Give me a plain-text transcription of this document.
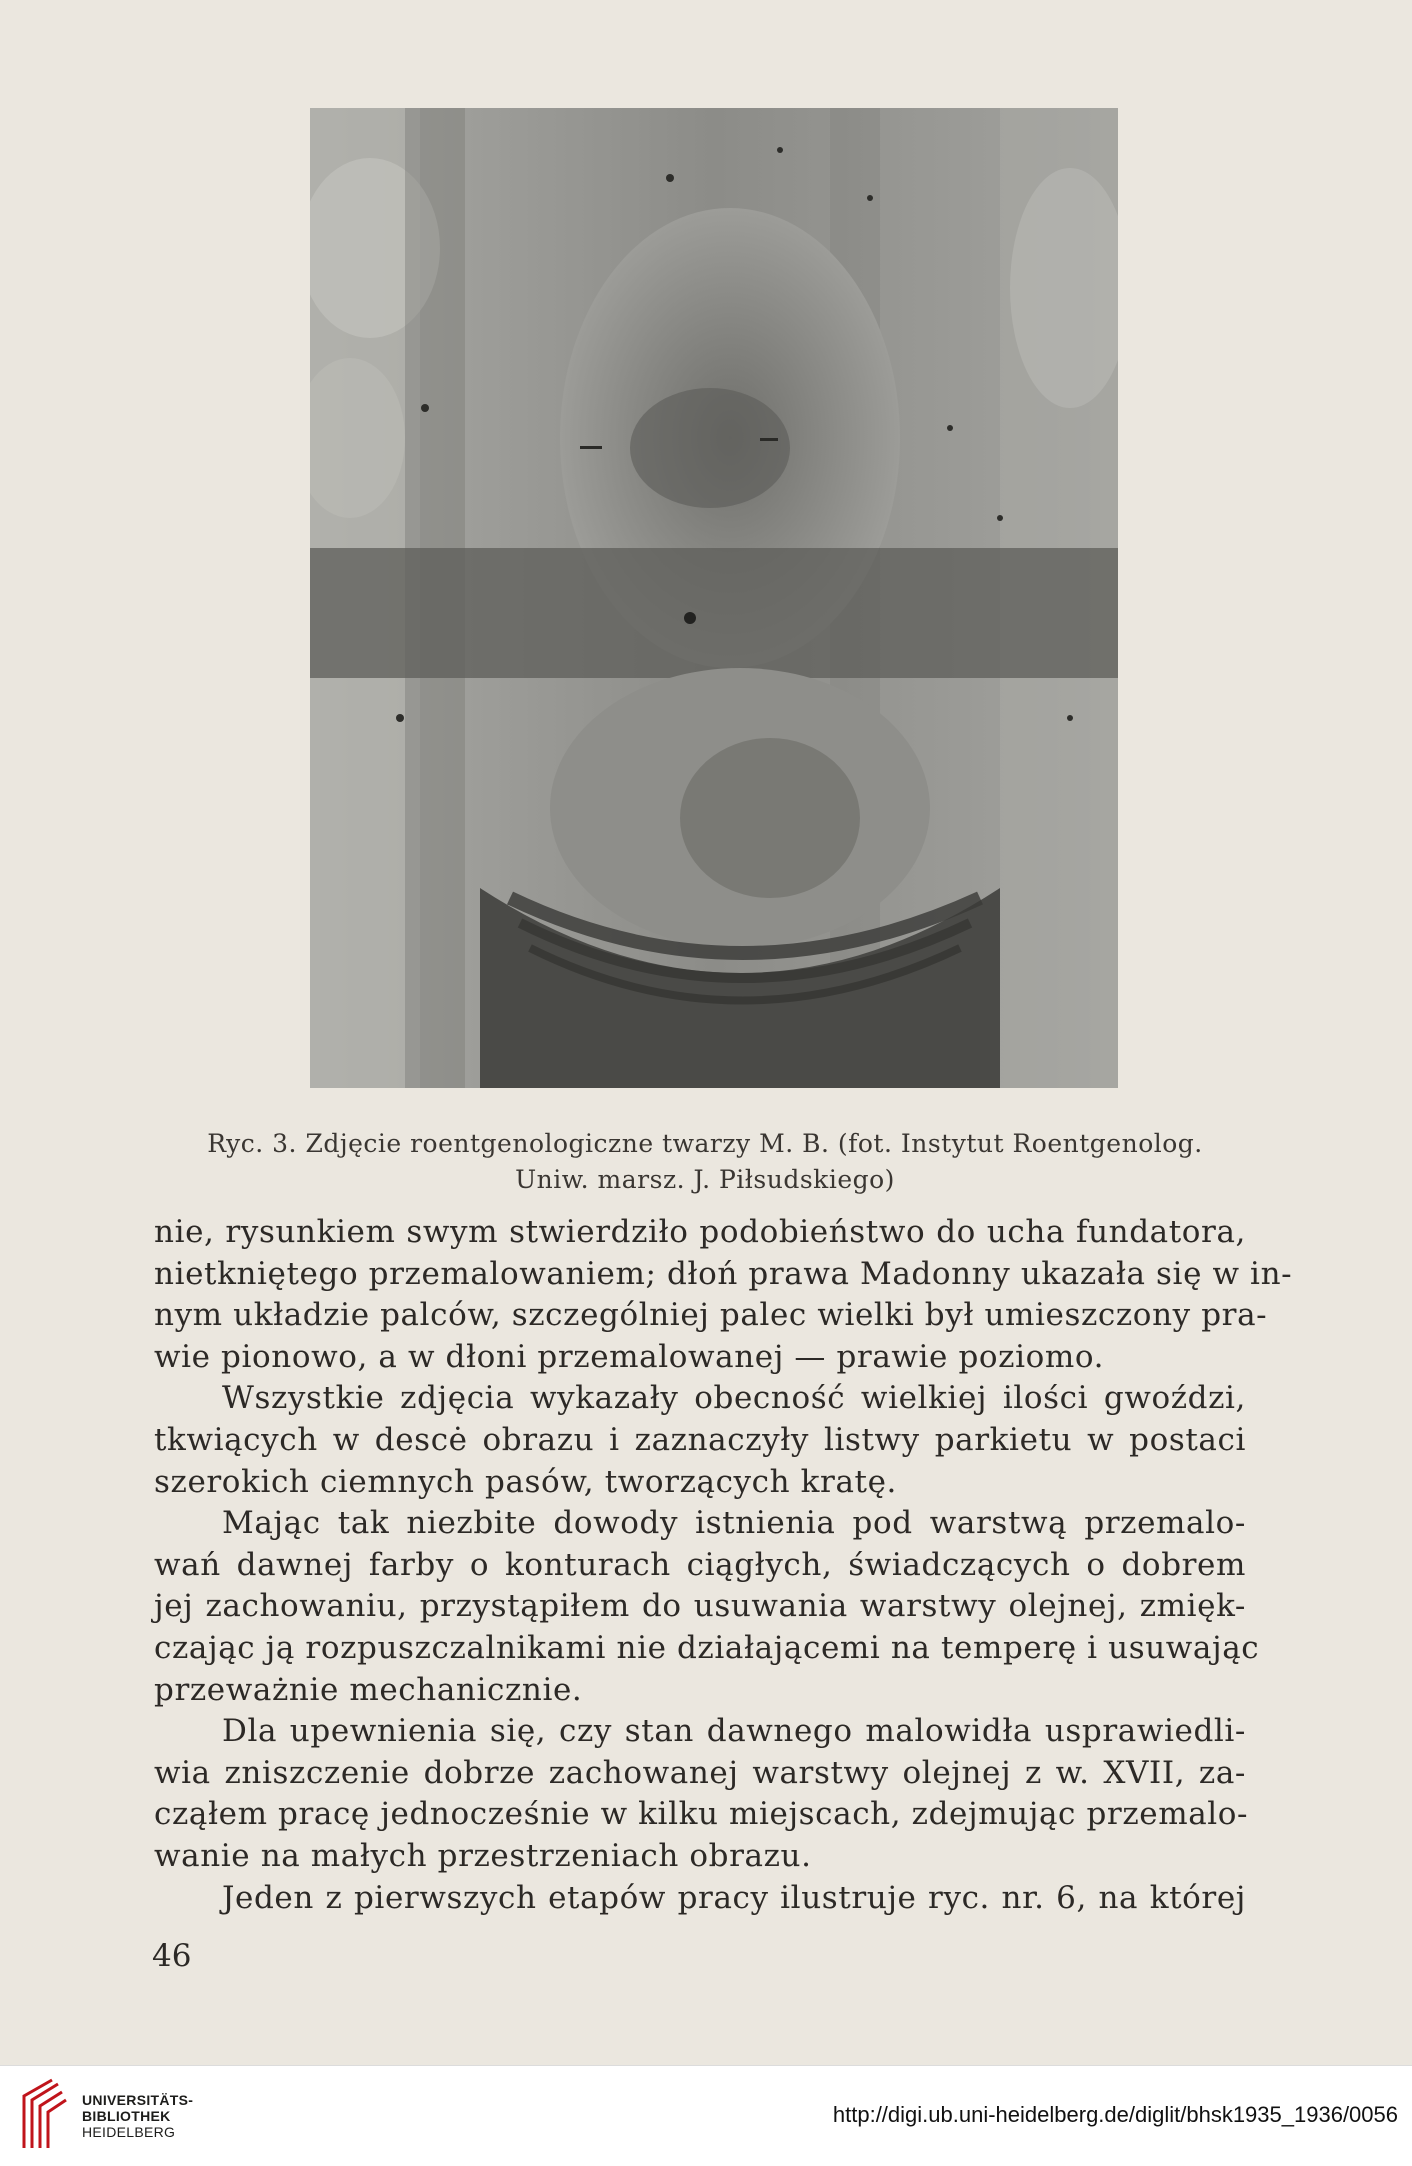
Ryc. 3. Zdjęcie roentgenologiczne twarzy M. B. (fot. Instytut Roentgenolog.
Uniw. marsz. J. Piłsudskiego)
nie, rysunkiem swym stwierdziło podobieństwo do ucha fundatora,
nietkniętego przemalowaniem; dłoń prawa Madonny ukazała się w in-
nym układzie palców, szczególniej palec wielki był umieszczony pra-
wie pionowo, a w dłoni przemalowanej — prawie poziomo.
Wszystkie zdjęcia wykazały obecność wielkiej ilości gwoździ,
tkwiących w descė obrazu i zaznaczyły listwy parkietu w postaci
szerokich ciemnych pasów, tworzących kratę.
Mając tak niezbite dowody istnienia pod warstwą przemalo-
wań dawnej farby o konturach ciągłych, świadczących o dobrem
jej zachowaniu, przystąpiłem do usuwania warstwy olejnej, zmięk-
czając ją rozpuszczalnikami nie działającemi na temperę i usuwając
przeważnie mechanicznie.
Dla upewnienia się, czy stan dawnego malowidła usprawiedli-
wia zniszczenie dobrze zachowanej warstwy olejnej z w. XVII, za-
cząłem pracę jednocześnie w kilku miejscach, zdejmując przemalo-
wanie na małych przestrzeniach obrazu.
Jeden z pierwszych etapów pracy ilustruje ryc. nr. 6, na której
46
UNIVERSITÄTS-
BIBLIOTHEK
HEIDELBERG
http://digi.ub.uni-heidelberg.de/diglit/bhsk1935_1936/0056
